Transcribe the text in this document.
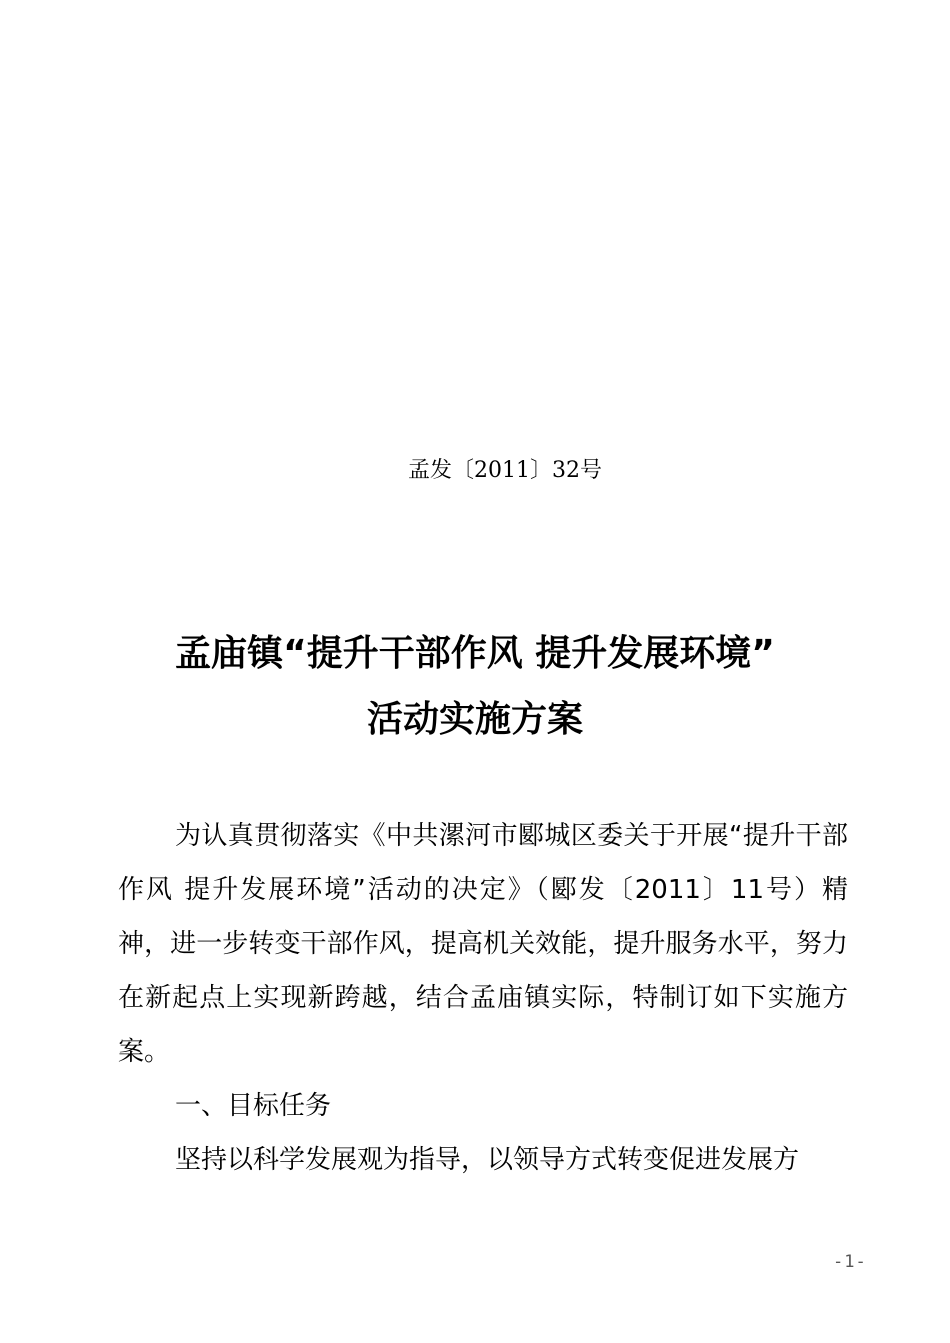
孟发〔2011〕32号
孟庙镇“提升干部作风 提升发展环境”
活动实施方案

为认真贯彻落实《中共漯河市郾城区委关于开展“提升干部作风 提升发展环境”活动的决定》（郾发〔2011〕11号）精神，进一步转变干部作风，提高机关效能，提升服务水平，努力在新起点上实现新跨越，结合孟庙镇实际，特制订如下实施方案。

一、目标任务

坚持以科学发展观为指导，以领导方式转变促进发展方

-1-
